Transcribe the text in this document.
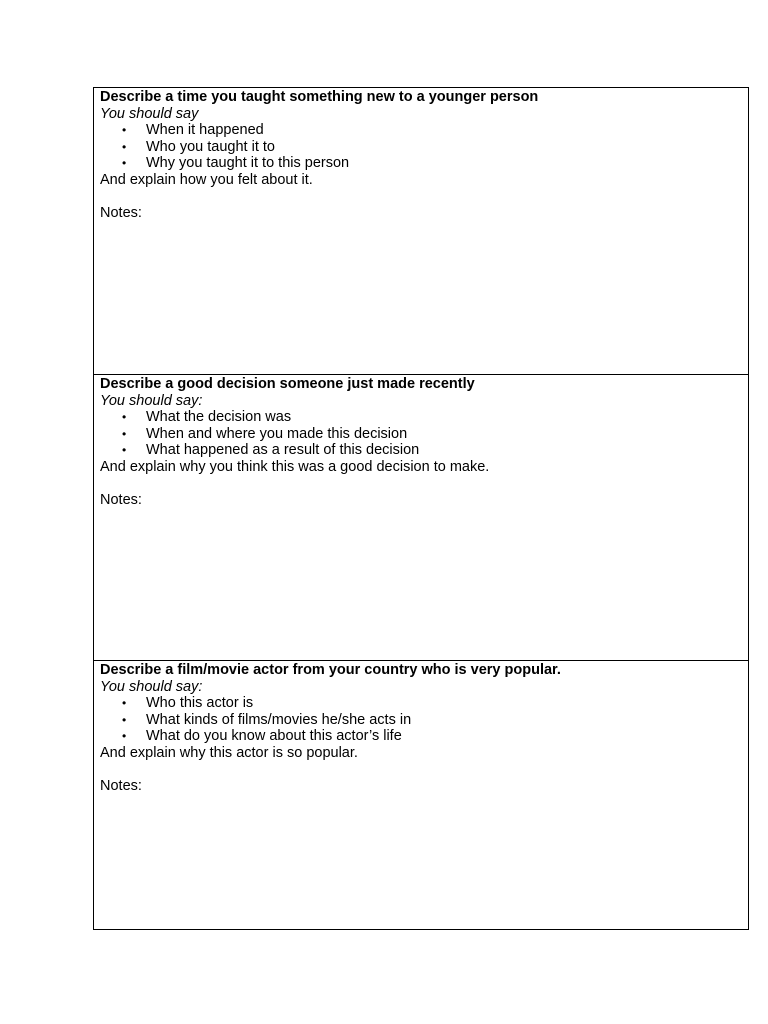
Describe a time you taught something new to a younger person

You should say

• When it happened
• Who you taught it to
• Why you taught it to this person

And explain how you felt about it.

Notes:

Describe a good decision someone just made recently

You should say:

• What the decision was
• When and where you made this decision
• What happened as a result of this decision

And explain why you think this was a good decision to make.

Notes:

Describe a film/movie actor from your country who is very popular.

You should say:

• Who this actor is
• What kinds of films/movies he/she acts in
• What do you know about this actor’s life

And explain why this actor is so popular.

Notes:
